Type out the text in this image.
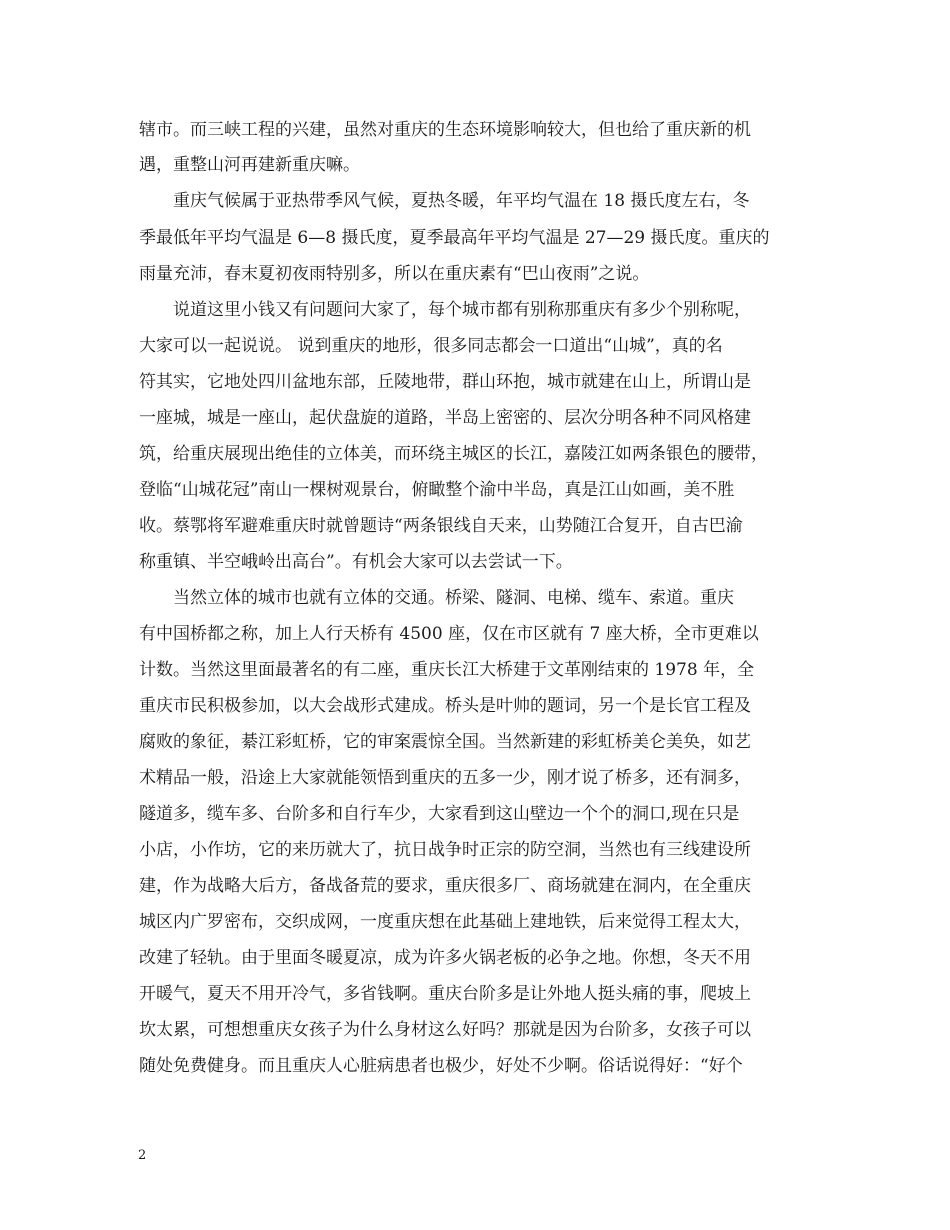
辖市。而三峡工程的兴建，虽然对重庆的生态环境影响较大，但也给了重庆新的机
遇，重整山河再建新重庆嘛。
　　重庆气候属于亚热带季风气候，夏热冬暖，年平均气温在 18 摄氏度左右，冬
季最低年平均气温是 6—8 摄氏度，夏季最高年平均气温是 27—29 摄氏度。重庆的
雨量充沛，春末夏初夜雨特别多，所以在重庆素有“巴山夜雨”之说。
　　说道这里小钱又有问题问大家了，每个城市都有别称那重庆有多少个别称呢，
大家可以一起说说。 说到重庆的地形，很多同志都会一口道出“山城”，真的名
符其实，它地处四川盆地东部，丘陵地带，群山环抱，城市就建在山上，所谓山是
一座城，城是一座山，起伏盘旋的道路，半岛上密密的、层次分明各种不同风格建
筑，给重庆展现出绝佳的立体美，而环绕主城区的长江，嘉陵江如两条银色的腰带，
登临“山城花冠”南山一棵树观景台，俯瞰整个渝中半岛，真是江山如画，美不胜
收。蔡鄂将军避难重庆时就曾题诗“两条银线自天来，山势随江合复开，自古巴渝
称重镇、半空峨岭出高台”。有机会大家可以去尝试一下。
　　当然立体的城市也就有立体的交通。桥梁、隧洞、电梯、缆车、索道。重庆
有中国桥都之称，加上人行天桥有 4500 座，仅在市区就有 7 座大桥，全市更难以
计数。当然这里面最著名的有二座，重庆长江大桥建于文革刚结束的 1978 年，全
重庆市民积极参加，以大会战形式建成。桥头是叶帅的题词，另一个是长官工程及
腐败的象征，綦江彩虹桥，它的审案震惊全国。当然新建的彩虹桥美仑美奂，如艺
术精品一般，沿途上大家就能领悟到重庆的五多一少，刚才说了桥多，还有洞多，
隧道多，缆车多、台阶多和自行车少，大家看到这山壁边一个个的洞口,现在只是
小店，小作坊，它的来历就大了，抗日战争时正宗的防空洞，当然也有三线建设所
建，作为战略大后方，备战备荒的要求，重庆很多厂、商场就建在洞内，在全重庆
城区内广罗密布，交织成网，一度重庆想在此基础上建地铁，后来觉得工程太大，
改建了轻轨。由于里面冬暖夏凉，成为许多火锅老板的必争之地。你想，冬天不用
开暖气，夏天不用开冷气，多省钱啊。重庆台阶多是让外地人挺头痛的事，爬坡上
坎太累，可想想重庆女孩子为什么身材这么好吗？那就是因为台阶多，女孩子可以
随处免费健身。而且重庆人心脏病患者也极少，好处不少啊。俗话说得好：“好个
2
